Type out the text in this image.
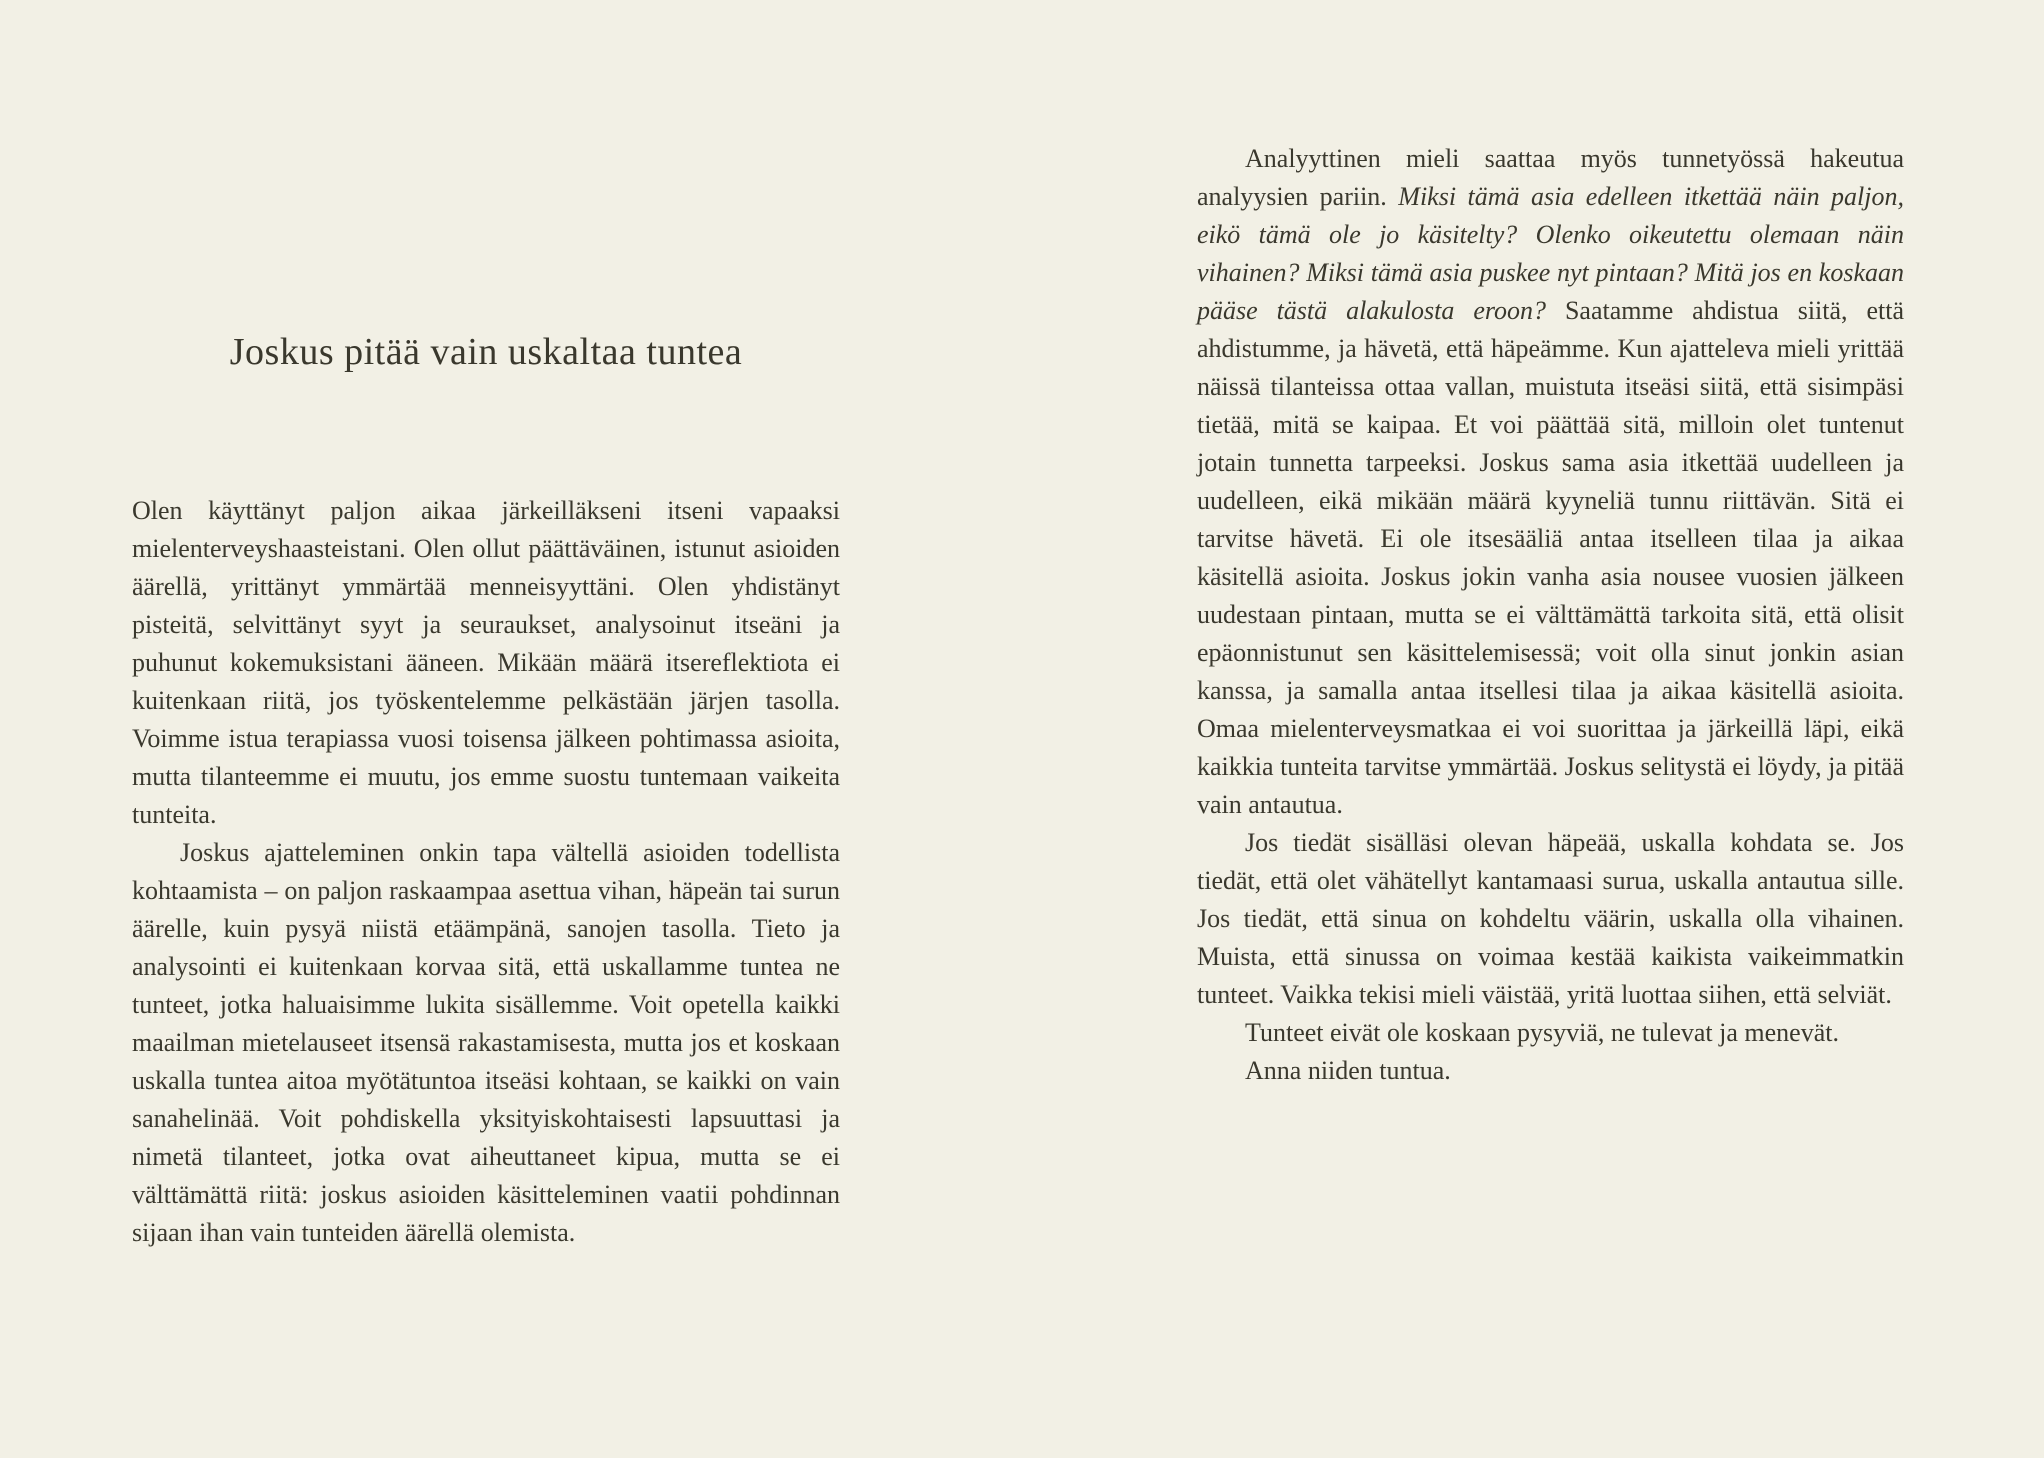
Joskus pitää vain uskaltaa tuntea

Olen käyttänyt paljon aikaa järkeilläkseni itseni vapaaksi mielenterveyshaasteistani. Olen ollut päättäväinen, istunut asioiden äärellä, yrittänyt ymmärtää menneisyyttäni. Olen yhdistänyt pisteitä, selvittänyt syyt ja seuraukset, analysoinut itseäni ja puhunut kokemuksistani ääneen. Mikään määrä itsereflektiota ei kuitenkaan riitä, jos työskentelemme pelkästään järjen tasolla. Voimme istua terapiassa vuosi toisensa jälkeen pohtimassa asioita, mutta tilanteemme ei muutu, jos emme suostu tuntemaan vaikeita tunteita.

Joskus ajatteleminen onkin tapa vältellä asioiden todellista kohtaamista – on paljon raskaampaa asettua vihan, häpeän tai surun äärelle, kuin pysyä niistä etäämpänä, sanojen tasolla. Tieto ja analysointi ei kuitenkaan korvaa sitä, että uskallamme tuntea ne tunteet, jotka haluaisimme lukita sisällemme. Voit opetella kaikki maailman mietelauseet itsensä rakastamisesta, mutta jos et koskaan uskalla tuntea aitoa myötätuntoa itseäsi kohtaan, se kaikki on vain sanahelinää. Voit pohdiskella yksityiskohtaisesti lapsuuttasi ja nimetä tilanteet, jotka ovat aiheuttaneet kipua, mutta se ei välttämättä riitä: joskus asioiden käsitteleminen vaatii pohdinnan sijaan ihan vain tunteiden äärellä olemista.

Analyyttinen mieli saattaa myös tunnetyössä hakeutua analyysien pariin. Miksi tämä asia edelleen itkettää näin paljon, eikö tämä ole jo käsitelty? Olenko oikeutettu olemaan näin vihainen? Miksi tämä asia puskee nyt pintaan? Mitä jos en koskaan pääse tästä alakulosta eroon? Saatamme ahdistua siitä, että ahdistumme, ja hävetä, että häpeämme. Kun ajatteleva mieli yrittää näissä tilanteissa ottaa vallan, muistuta itseäsi siitä, että sisimpäsi tietää, mitä se kaipaa. Et voi päättää sitä, milloin olet tuntenut jotain tunnetta tarpeeksi. Joskus sama asia itkettää uudelleen ja uudelleen, eikä mikään määrä kyyneliä tunnu riittävän. Sitä ei tarvitse hävetä. Ei ole itsesääliä antaa itselleen tilaa ja aikaa käsitellä asioita. Joskus jokin vanha asia nousee vuosien jälkeen uudestaan pintaan, mutta se ei välttämättä tarkoita sitä, että olisit epäonnistunut sen käsittelemisessä; voit olla sinut jonkin asian kanssa, ja samalla antaa itsellesi tilaa ja aikaa käsitellä asioita. Omaa mielenterveysmatkaa ei voi suorittaa ja järkeillä läpi, eikä kaikkia tunteita tarvitse ymmärtää. Joskus selitystä ei löydy, ja pitää vain antautua.

Jos tiedät sisälläsi olevan häpeää, uskalla kohdata se. Jos tiedät, että olet vähätellyt kantamaasi surua, uskalla antautua sille. Jos tiedät, että sinua on kohdeltu väärin, uskalla olla vihainen. Muista, että sinussa on voimaa kestää kaikista vaikeimmatkin tunteet. Vaikka tekisi mieli väistää, yritä luottaa siihen, että selviät.

Tunteet eivät ole koskaan pysyviä, ne tulevat ja menevät.

Anna niiden tuntua.
